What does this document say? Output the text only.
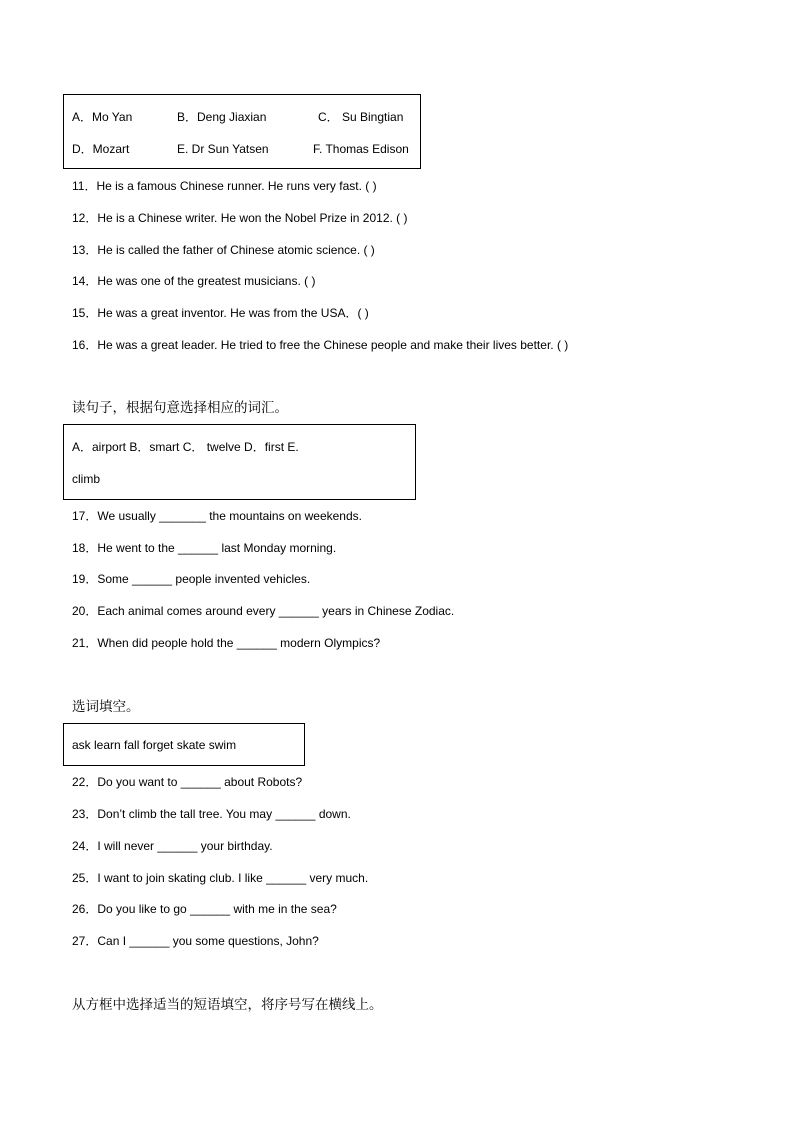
A．Mo Yan	B．Deng Jiaxian	C． Su Bingtian
D．Mozart	E. Dr Sun Yatsen	F. Thomas Edison
11．He is a famous Chinese runner. He runs very fast. ( )
12．He is a Chinese writer. He won the Nobel Prize in 2012. ( )
13．He is called the father of Chinese atomic science. ( )
14．He was one of the greatest musicians. ( )
15．He was a great inventor. He was from the USA．( )
16．He was a great leader. He tried to free the Chinese people and make their lives better. ( )
读句子，根据句意选择相应的词汇。
A．airport B．smart C． twelve D．first E.
climb
17．We usually _______ the mountains on weekends.
18．He went to the ______ last Monday morning.
19．Some ______ people invented vehicles.
20．Each animal comes around every ______ years in Chinese Zodiac.
21．When did people hold the ______ modern Olympics?
选词填空。
ask learn fall forget skate swim
22．Do you want to ______ about Robots?
23．Don’t climb the tall tree. You may ______ down.
24．I will never ______ your birthday.
25．I want to join skating club. I like ______ very much.
26．Do you like to go ______ with me in the sea?
27．Can I ______ you some questions, John?
从方框中选择适当的短语填空，将序号写在横线上。
